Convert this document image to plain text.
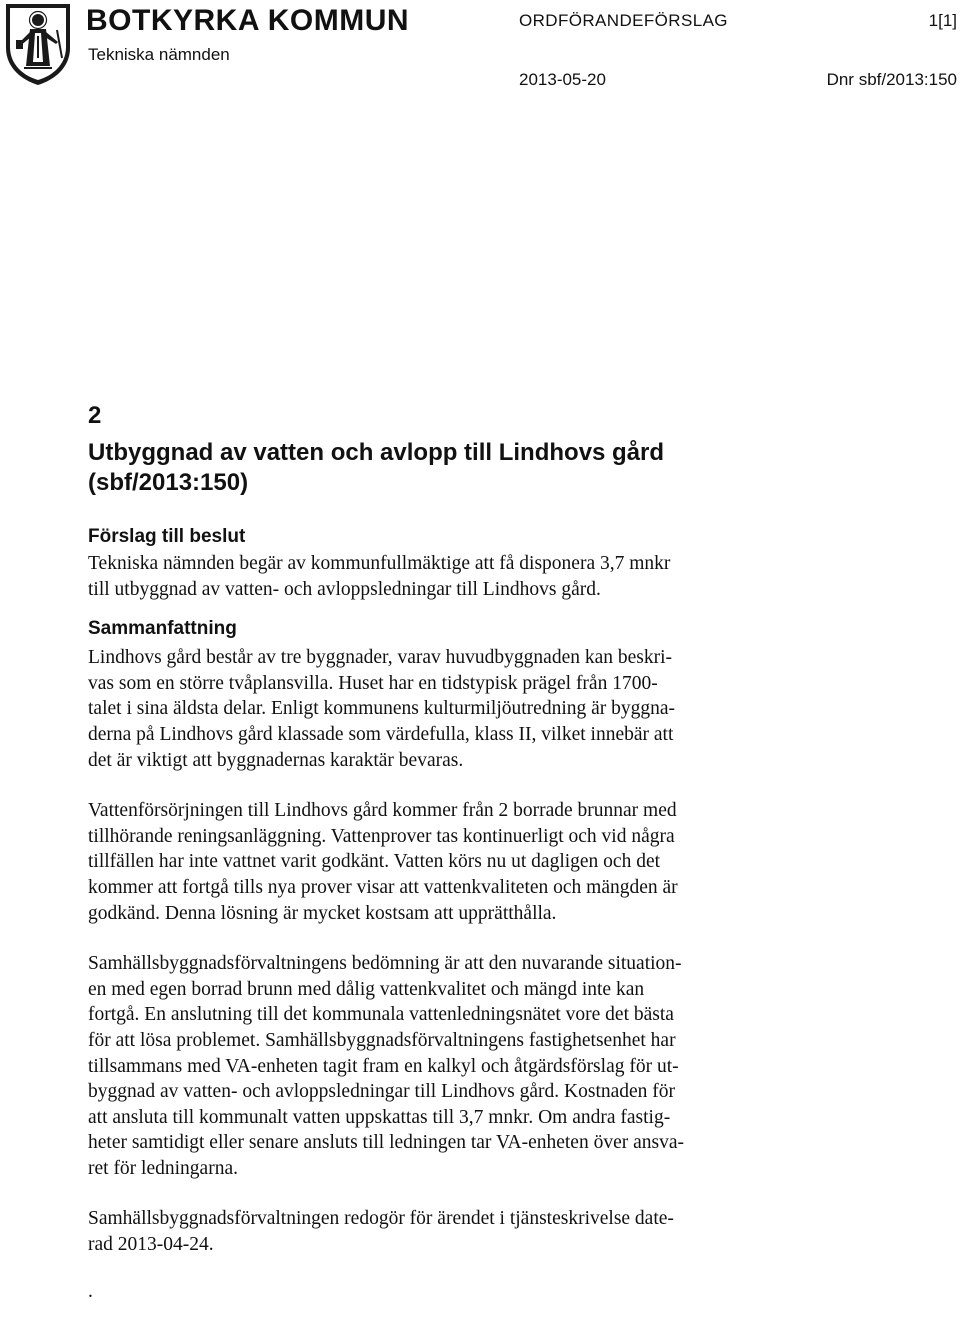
BOTKYRKA KOMMUN
Tekniska nämnden
ORDFÖRANDEFÖRSLAG	1[1]
2013-05-20	Dnr sbf/2013:150
2
Utbyggnad av vatten och avlopp till Lindhovs gård
(sbf/2013:150)
Förslag till beslut

Tekniska nämnden begär av kommunfullmäktige att få disponera 3,7 mnkr
till utbyggnad av vatten- och avloppsledningar till Lindhovs gård.

Sammanfattning

Lindhovs gård består av tre byggnader, varav huvudbyggnaden kan beskri-
vas som en större tvåplansvilla. Huset har en tidstypisk prägel från 1700-
talet i sina äldsta delar. Enligt kommunens kulturmiljöutredning är byggna-
derna på Lindhovs gård klassade som värdefulla, klass II, vilket innebär att
det är viktigt att byggnadernas karaktär bevaras.

Vattenförsörjningen till Lindhovs gård kommer från 2 borrade brunnar med
tillhörande reningsanläggning. Vattenprover tas kontinuerligt och vid några
tillfällen har inte vattnet varit godkänt. Vatten körs nu ut dagligen och det
kommer att fortgå tills nya prover visar att vattenkvaliteten och mängden är
godkänd. Denna lösning är mycket kostsam att upprätthålla.

Samhällsbyggnadsförvaltningens bedömning är att den nuvarande situation-
en med egen borrad brunn med dålig vattenkvalitet och mängd inte kan
fortgå. En anslutning till det kommunala vattenledningsnätet vore det bästa
för att lösa problemet. Samhällsbyggnadsförvaltningens fastighetsenhet har
tillsammans med VA-enheten tagit fram en kalkyl och åtgärdsförslag för ut-
byggnad av vatten- och avloppsledningar till Lindhovs gård. Kostnaden för
att ansluta till kommunalt vatten uppskattas till 3,7 mnkr. Om andra fastig-
heter samtidigt eller senare ansluts till ledningen tar VA-enheten över ansva-
ret för ledningarna.

Samhällsbyggnadsförvaltningen redogör för ärendet i tjänsteskrivelse date-
rad 2013-04-24.

.
